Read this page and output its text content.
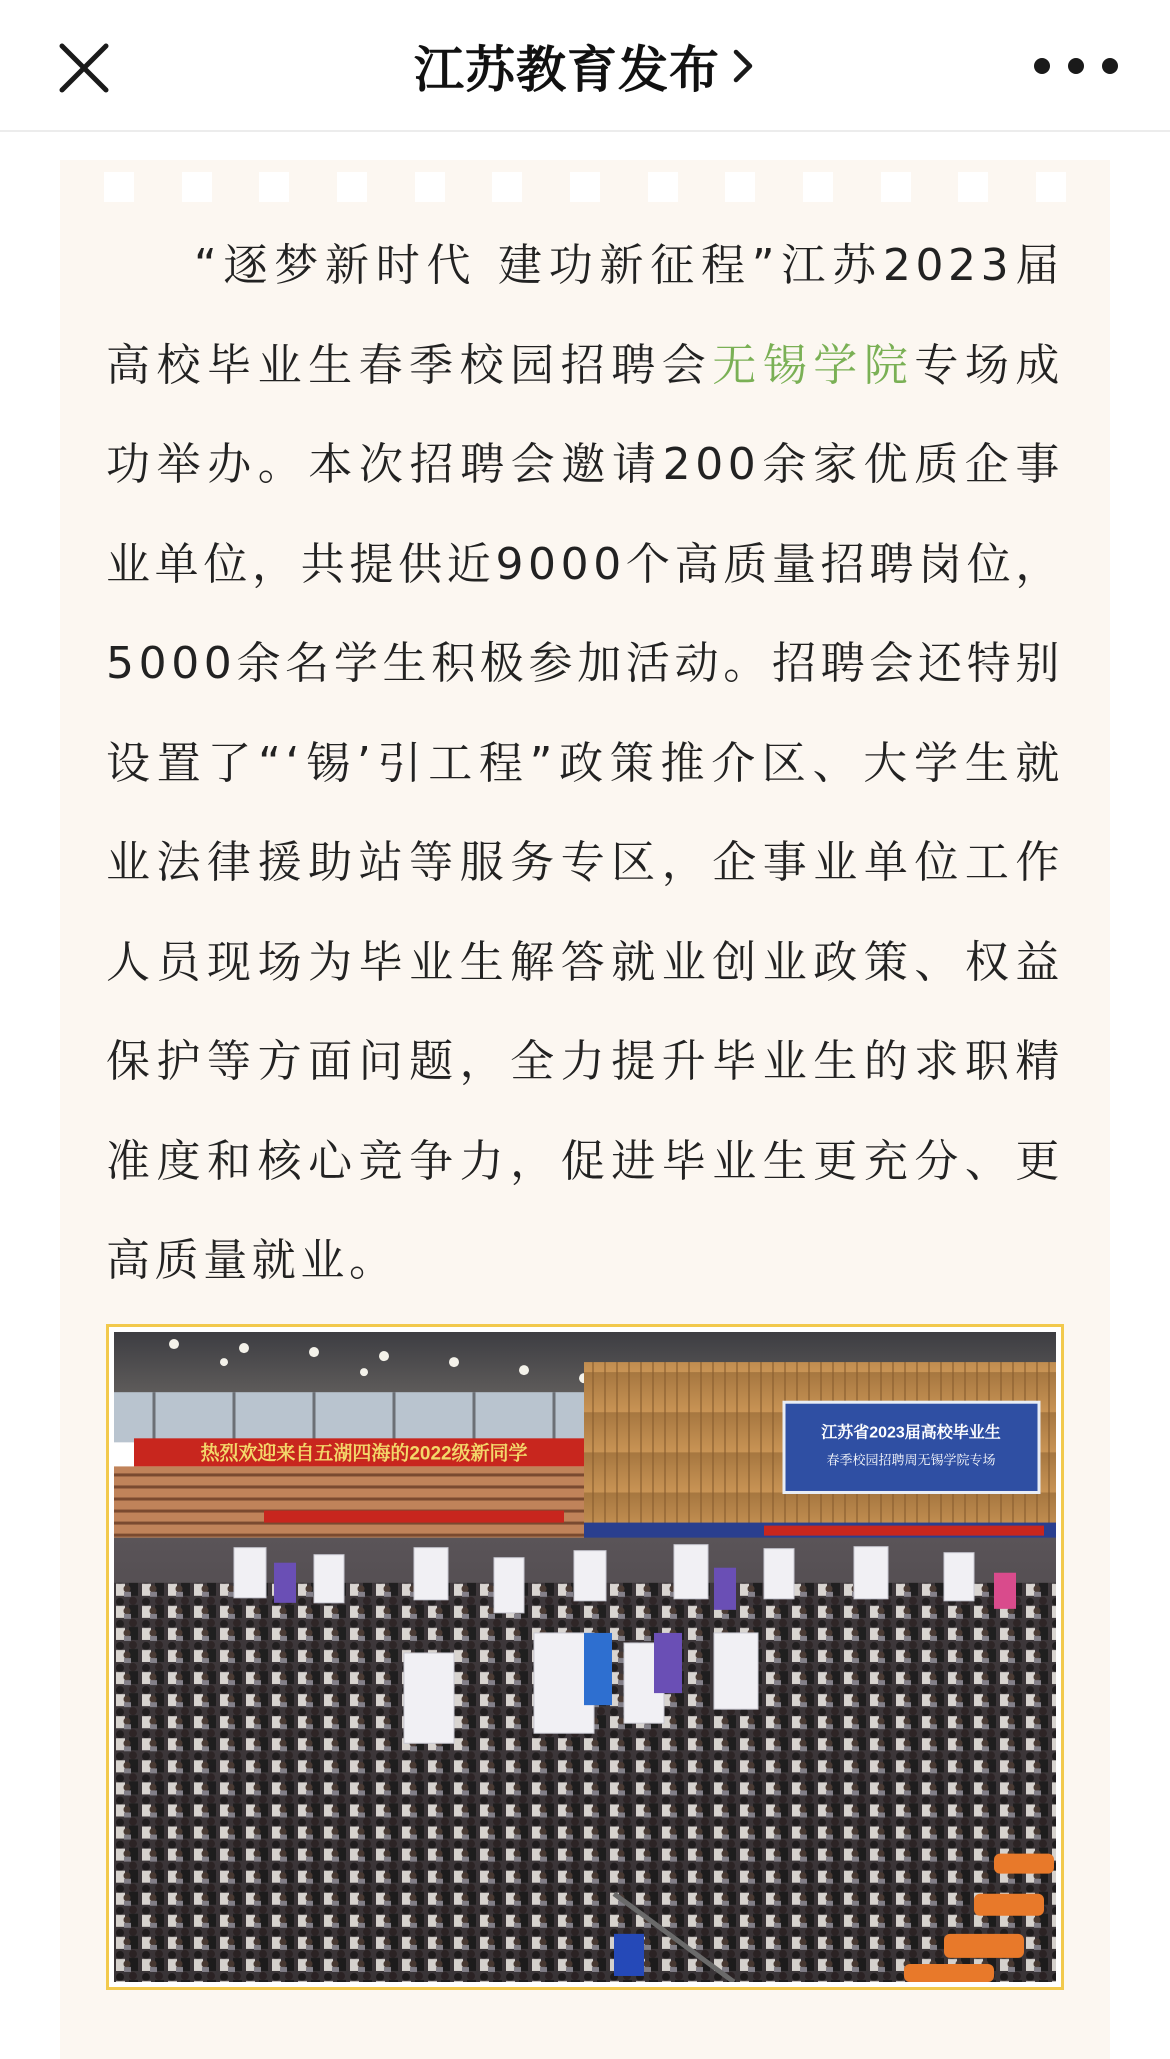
江苏教育发布

“逐梦新时代 建功新征程”江苏2023届高校毕业生春季校园招聘会无锡学院专场成功举办。本次招聘会邀请200余家优质企事业单位，共提供近9000个高质量招聘岗位，5000余名学生积极参加活动。招聘会还特别设置了“‘锡’引工程”政策推介区、大学生就业法律援助站等服务专区，企事业单位工作人员现场为毕业生解答就业创业政策、权益保护等方面问题，全力提升毕业生的求职精准度和核心竞争力，促进毕业生更充分、更高质量就业。

热烈欢迎来自五湖四海的2022级新同学
江苏省2023届高校毕业生
春季校园招聘周无锡学院专场
